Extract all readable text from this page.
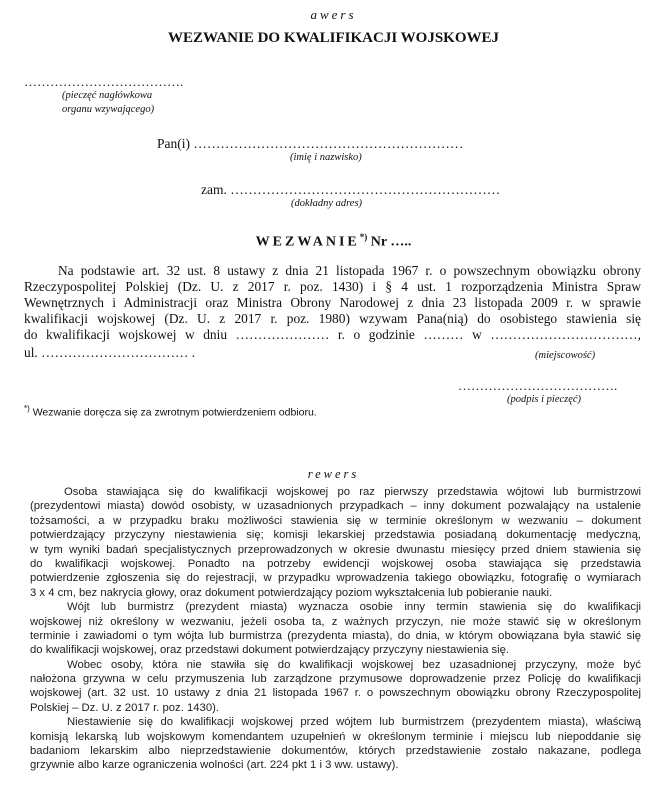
awers
WEZWANIE DO KWALIFIKACJI WOJSKOWEJ
……………………………….
(pieczęć nagłówkowa
organu wzywającego)
Pan(i) ……………………………………………………
(imię i nazwisko)
zam. ……………………………………………………
(dokładny adres)
WEZWANIE*) Nr …..
Na podstawie art. 32 ust. 8 ustawy z dnia 21 listopada 1967 r. o powszechnym obowiązku obrony
Rzeczypospolitej Polskiej (Dz. U. z 2017 r. poz. 1430) i § 4 ust. 1 rozporządzenia Ministra Spraw
Wewnętrznych i Administracji oraz Ministra Obrony Narodowej z dnia 23 listopada 2009 r. w sprawie
kwalifikacji wojskowej (Dz. U. z 2017 r. poz. 1980) wzywam Pana(nią) do osobistego stawienia się
do kwalifikacji wojskowej w dniu ………………… r. o godzinie ……… w ……………………………,
ul. …………………………… .	(miejscowość)
……………………………….
(podpis i pieczęć)
*) Wezwanie doręcza się za zwrotnym potwierdzeniem odbioru.
rewers
Osoba stawiająca się do kwalifikacji wojskowej po raz pierwszy przedstawia wójtowi lub burmistrzowi
(prezydentowi miasta) dowód osobisty, w uzasadnionych przypadkach – inny dokument pozwalający na ustalenie
tożsamości, a w przypadku braku możliwości stawienia się w terminie określonym w wezwaniu – dokument
potwierdzający przyczyny niestawienia się; komisji lekarskiej przedstawia posiadaną dokumentację medyczną,
w tym wyniki badań specjalistycznych przeprowadzonych w okresie dwunastu miesięcy przed dniem stawienia się
do kwalifikacji wojskowej. Ponadto na potrzeby ewidencji wojskowej osoba stawiająca się przedstawia
potwierdzenie zgłoszenia się do rejestracji, w przypadku wprowadzenia takiego obowiązku, fotografię o wymiarach
3 x 4 cm, bez nakrycia głowy, oraz dokument potwierdzający poziom wykształcenia lub pobieranie nauki.
Wójt lub burmistrz (prezydent miasta) wyznacza osobie inny termin stawienia się do kwalifikacji
wojskowej niż określony w wezwaniu, jeżeli osoba ta, z ważnych przyczyn, nie może stawić się w określonym
terminie i zawiadomi o tym wójta lub burmistrza (prezydenta miasta), do dnia, w którym obowiązana była stawić się
do kwalifikacji wojskowej, oraz przedstawi dokument potwierdzający przyczyny niestawienia się.
Wobec osoby, która nie stawiła się do kwalifikacji wojskowej bez uzasadnionej przyczyny, może być
nałożona grzywna w celu przymuszenia lub zarządzone przymusowe doprowadzenie przez Policję do kwalifikacji
wojskowej (art. 32 ust. 10 ustawy z dnia 21 listopada 1967 r. o powszechnym obowiązku obrony Rzeczypospolitej
Polskiej – Dz. U. z 2017 r. poz. 1430).
Niestawienie się do kwalifikacji wojskowej przed wójtem lub burmistrzem (prezydentem miasta), właściwą
komisją lekarską lub wojskowym komendantem uzupełnień w określonym terminie i miejscu lub niepoddanie się
badaniom lekarskim albo nieprzedstawienie dokumentów, których przedstawienie zostało nakazane, podlega
grzywnie albo karze ograniczenia wolności (art. 224 pkt 1 i 3 ww. ustawy).
